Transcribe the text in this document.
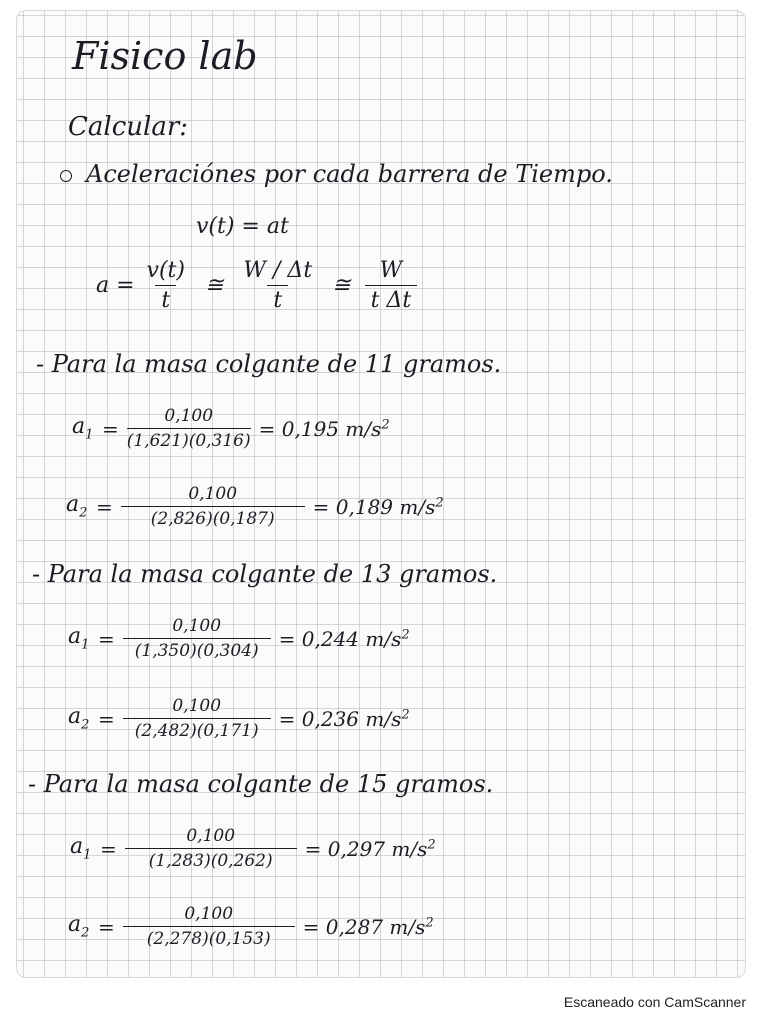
Fisico lab
Calcular:
Aceleraciónes por cada barrera de Tiempo.
v(t) = at
$a = \frac{v(t)}{t}$ ≅ $\frac{W / \Delta t}{t}$ ≅ $\frac{W}{\text{t Δt}}$
- Para la masa colgante de 11 gramos.
$a_1 = \frac{0,100}{(1,621)(0,316)} = 0,195$ $m/s^2$
$a_2 = \frac{0,100}{(2,826)(0,187)} = 0,189$ $m/s^2$
- Para la masa colgante de 13 gramos.
$a_1 = \frac{0,100}{(1,350)(0,304)} = 0,244$ $m/s^2$
$a_2 = \frac{0,100}{(2,482)(0,171)} = 0,236$ $m/s^2$
- Para la masa colgante de 15 gramos.
$a_1 = \frac{0,100}{(1,283)(0,262)} = 0,297$ $m/s^2$
$a_2 = \frac{0,100}{(2,278)(0,153)} = 0,287$ $m/s^2$
Escaneado con CamScanner
